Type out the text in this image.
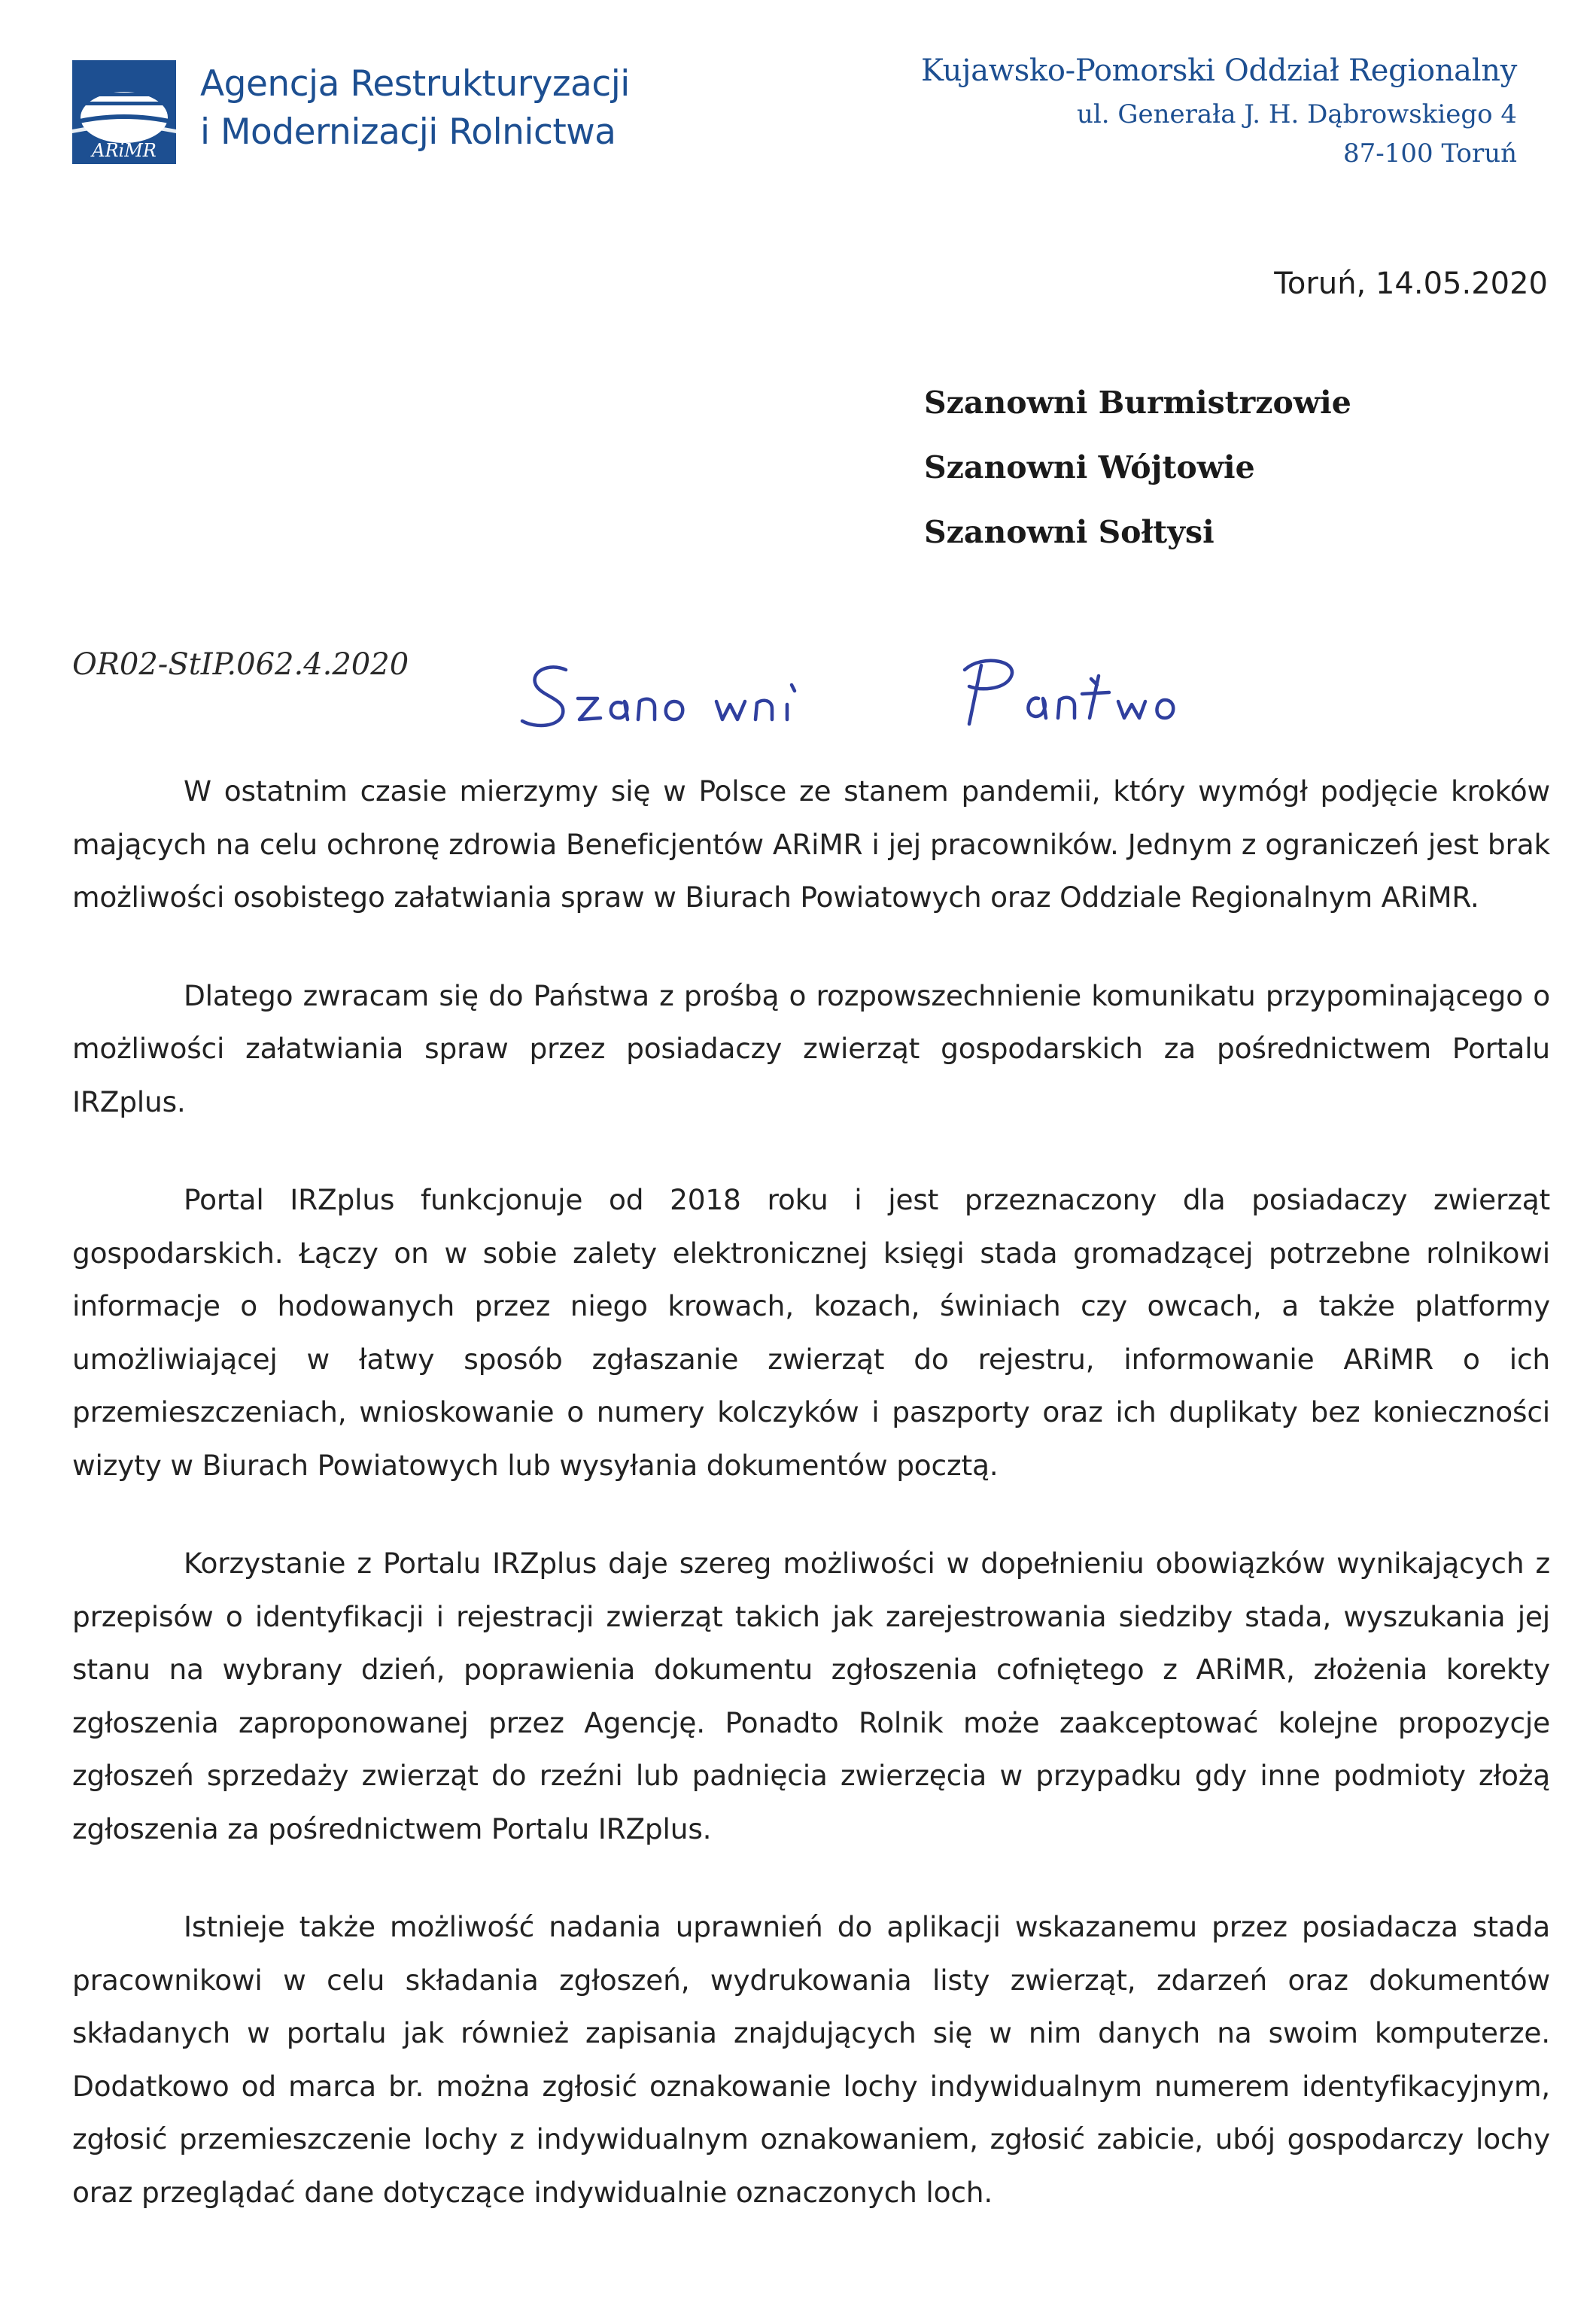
ARiMR
Agencja Restrukturyzacji
i Modernizacji Rolnictwa
Kujawsko-Pomorski Oddział Regionalny
ul. Generała J. H. Dąbrowskiego 4
87-100 Toruń
Toruń, 14.05.2020
Szanowni Burmistrzowie
Szanowni Wójtowie
Szanowni Sołtysi
OR02-StIP.062.4.2020

W ostatnim czasie mierzymy się w Polsce ze stanem pandemii, który wymógł podjęcie kroków mających na celu ochronę zdrowia Beneficjentów ARiMR i jej pracowników. Jednym z ograniczeń jest brak możliwości osobistego załatwiania spraw w Biurach Powiatowych oraz Oddziale Regionalnym ARiMR.

Dlatego zwracam się do Państwa z prośbą o rozpowszechnienie komunikatu przypominającego o możliwości załatwiania spraw przez posiadaczy zwierząt gospodarskich za pośrednictwem Portalu IRZplus.

Portal IRZplus funkcjonuje od 2018 roku i jest przeznaczony dla posiadaczy zwierząt gospodarskich. Łączy on w sobie zalety elektronicznej księgi stada gromadzącej potrzebne rolnikowi informacje o hodowanych przez niego krowach, kozach, świniach czy owcach, a także platformy umożliwiającej w łatwy sposób zgłaszanie zwierząt do rejestru, informowanie ARiMR o ich przemieszczeniach, wnioskowanie o numery kolczyków i paszporty oraz ich duplikaty bez konieczności wizyty w Biurach Powiatowych lub wysyłania dokumentów pocztą.

Korzystanie z Portalu IRZplus daje szereg możliwości w dopełnieniu obowiązków wynikających z przepisów o identyfikacji i rejestracji zwierząt takich jak zarejestrowania siedziby stada, wyszukania jej stanu na wybrany dzień, poprawienia dokumentu zgłoszenia cofniętego z ARiMR, złożenia korekty zgłoszenia zaproponowanej przez Agencję. Ponadto Rolnik może zaakceptować kolejne propozycje zgłoszeń sprzedaży zwierząt do rzeźni lub padnięcia zwierzęcia w przypadku gdy inne podmioty złożą zgłoszenia za pośrednictwem Portalu IRZplus.

Istnieje także możliwość nadania uprawnień do aplikacji wskazanemu przez posiadacza stada pracownikowi w celu składania zgłoszeń, wydrukowania listy zwierząt, zdarzeń oraz dokumentów składanych w portalu jak również zapisania znajdujących się w nim danych na swoim komputerze. Dodatkowo od marca br. można zgłosić oznakowanie lochy indywidualnym numerem identyfikacyjnym, zgłosić przemieszczenie lochy z indywidualnym oznakowaniem, zgłosić zabicie, ubój gospodarczy lochy oraz przeglądać dane dotyczące indywidualnie oznaczonych loch.
